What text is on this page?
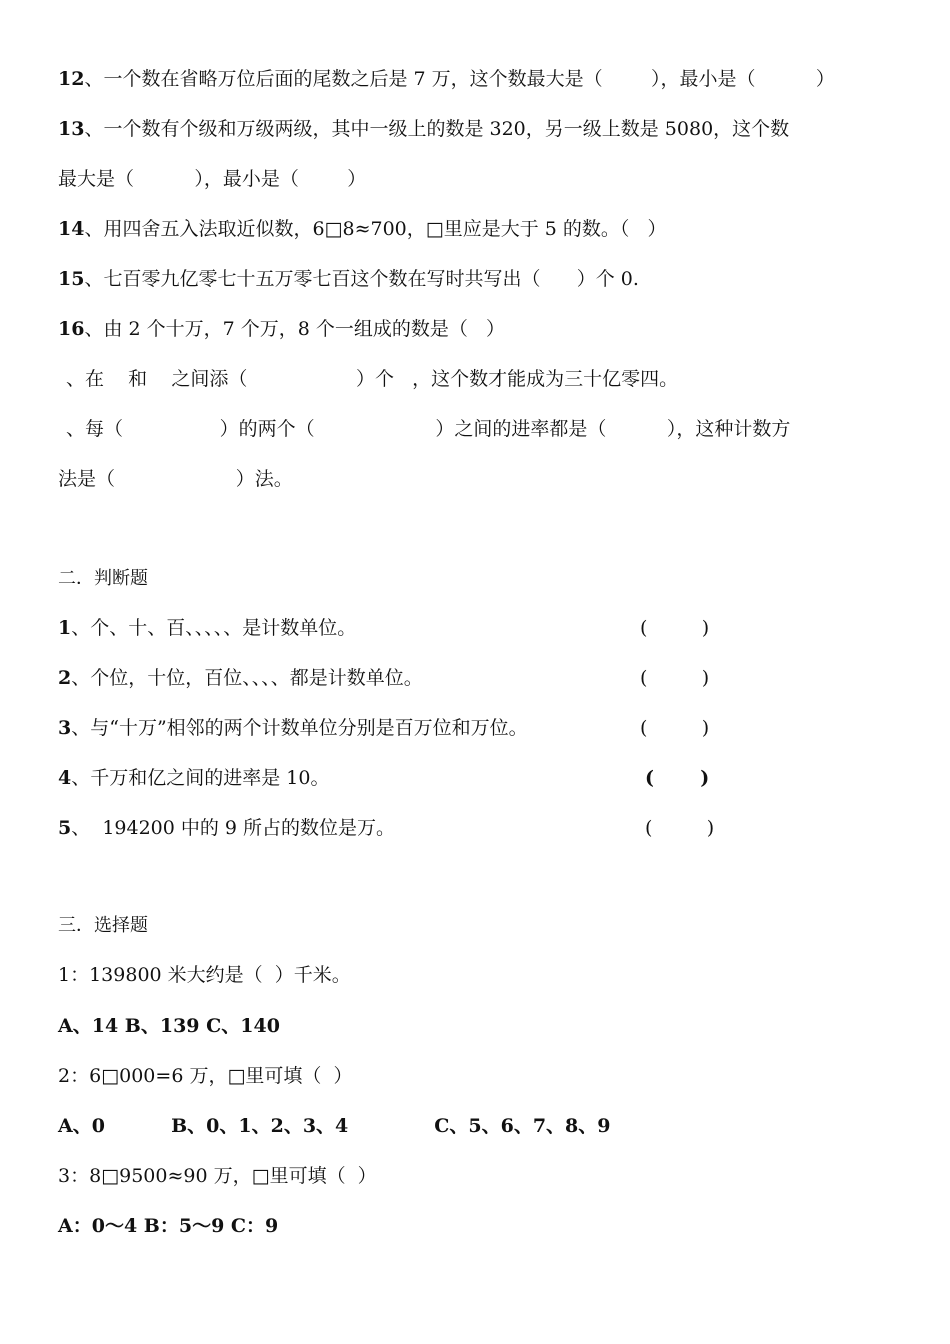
12、一个数在省略万位后面的尾数之后是 7 万，这个数最大是（        ），最小是（          ）
13、一个数有个级和万级两级，其中一级上的数是 320，另一级上数是 5080，这个数
最大是（          ），最小是（        ）
14、用四舍五入法取近似数，6□8≈700，□里应是大于 5 的数。（   ）
15、七百零九亿零七十五万零七百这个数在写时共写出（      ）个 0.
16、由 2 个十万，7 个万，8 个一组成的数是（   ）
、在    和    之间添（                  ）个   ，这个数才能成为三十亿零四。
、每（                ）的两个（                    ）之间的进率都是（          ），这种计数方
法是（                    ）法。
二．判断题
1、个、十、百、、、、、是计数单位。	(         )
2、个位，十位，百位、、、、都是计数单位。	(         )
3、与“十万”相邻的两个计数单位分别是百万位和万位。	(         )
4、千万和亿之间的进率是 10。	(       )
5、  194200 中的 9 所占的数位是万。	(         )
三．选择题
1：139800 米大约是（  ）千米。
A、14 B、139 C、140
2：6□000=6 万，□里可填（  ）
A、0          B、0、1、2、3、4             C、5、6、7、8、9
3：8□9500≈90 万，□里可填（  ）
A：0～4 B：5～9 C：9
